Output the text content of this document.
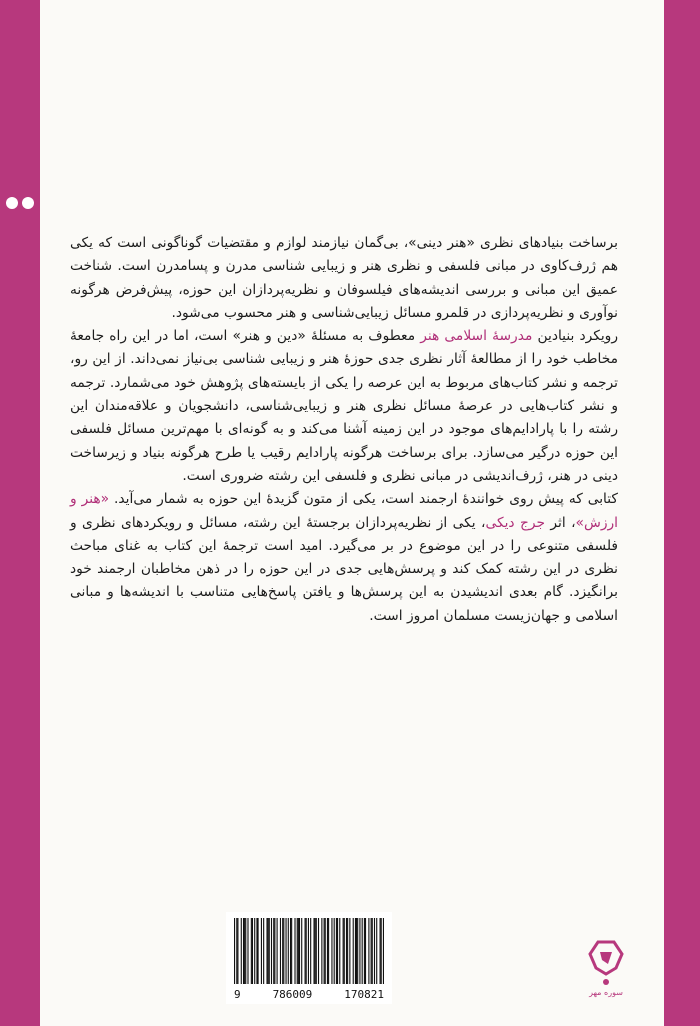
برساخت بنیادهای نظری «هنر دینی»، بی‌گمان نیازمند لوازم و مقتضیات گوناگونی است که یکی هم ژرف‌کاوی در مبانی فلسفی و نظری هنر و زیبایی شناسی مدرن و پسامدرن است. شناخت عمیق این مبانی و بررسی اندیشه‌های فیلسوفان و نظریه‌پردازان این حوزه، پیش‌فرض هرگونه نوآوری و نظریه‌پردازی در قلمرو مسائل زیبایی‌شناسی و هنر محسوب می‌شود.

رویکرد بنیادین مدرسهٔ اسلامی هنر معطوف به مسئلهٔ «دین و هنر» است، اما در این راه جامعهٔ مخاطب خود را از مطالعهٔ آثار نظری جدی حوزهٔ هنر و زیبایی شناسی بی‌نیاز نمی‌داند. از این رو، ترجمه و نشر کتاب‌های مربوط به این عرصه را یکی از بایسته‌های پژوهش خود می‌شمارد. ترجمه و نشر کتاب‌هایی در عرصهٔ مسائل نظری هنر و زیبایی‌شناسی، دانشجویان و علاقه‌مندان این رشته را با پارادایم‌های موجود در این زمینه آشنا می‌کند و به گونه‌ای با مهم‌ترین مسائل فلسفی این حوزه درگیر می‌سازد. برای برساخت هرگونه پارادایم رقیب یا طرح هرگونه بنیاد و زیرساخت دینی در هنر، ژرف‌اندیشی در مبانی نظری و فلسفی این رشته ضروری است.

کتابی که پیش روی خوانندهٔ ارجمند است، یکی از متون گزیدهٔ این حوزه به شمار می‌آید. «هنر و ارزش»، اثر جرج دیکی، یکی از نظریه‌پردازان برجستهٔ این رشته، مسائل و رویکردهای نظری و فلسفی متنوعی را در این موضوع در بر می‌گیرد. امید است ترجمهٔ این کتاب به غنای مباحث نظری در این رشته کمک کند و پرسش‌هایی جدی در این حوزه را در ذهن مخاطبان ارجمند خود برانگیزد. گام بعدی اندیشیدن به این پرسش‌ها و یافتن پاسخ‌هایی متناسب با اندیشه‌ها و مبانی اسلامی و جهان‌زیست مسلمان امروز است.

9	786009	170821	سوره مهر
